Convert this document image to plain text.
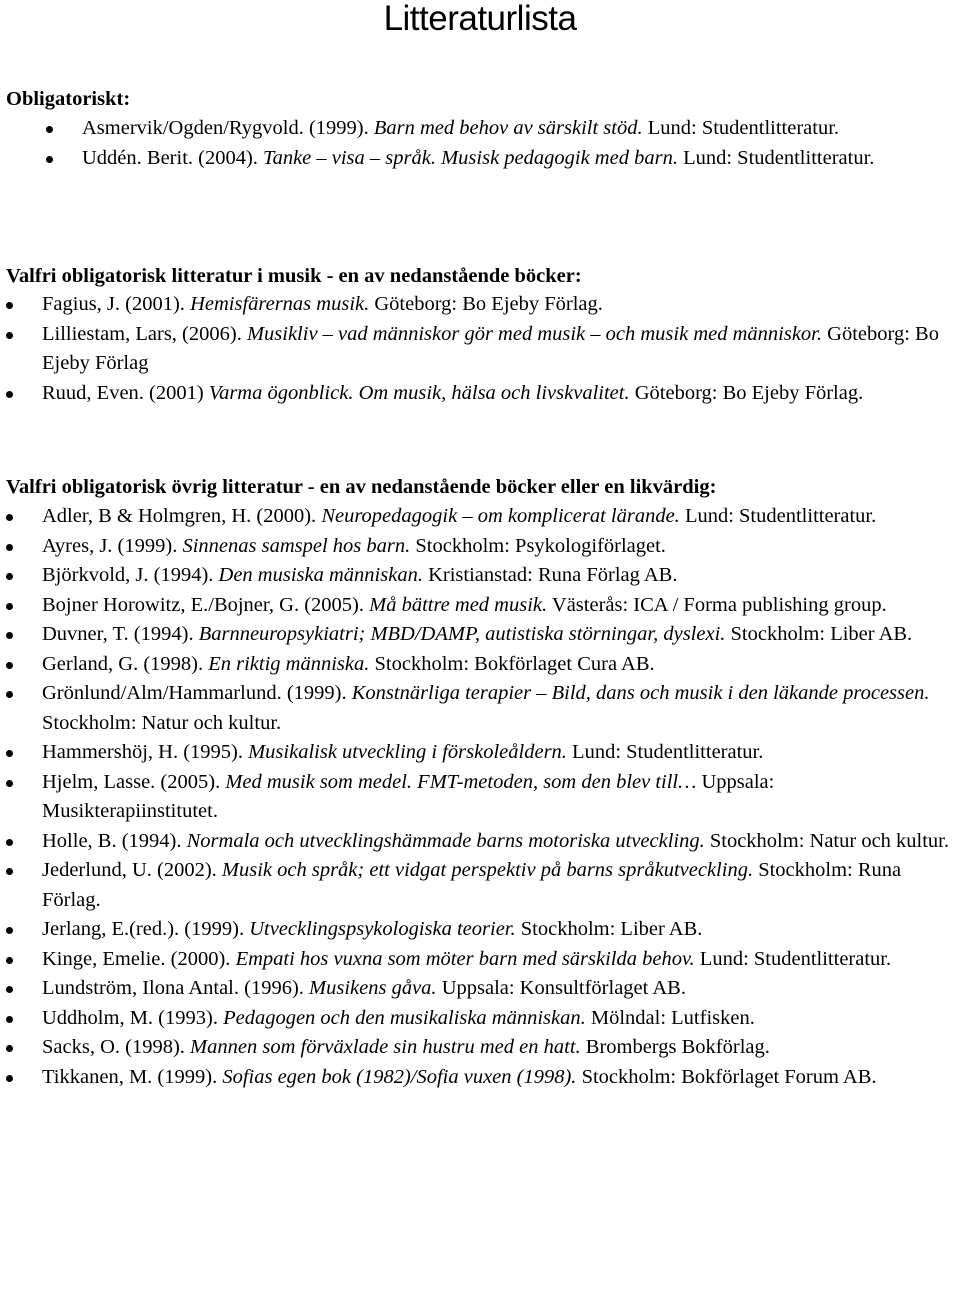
Litteraturlista
Obligatoriskt:
Asmervik/Ogden/Rygvold. (1999). Barn med behov av särskilt stöd. Lund: Studentlitteratur.
Uddén. Berit. (2004). Tanke – visa – språk. Musisk pedagogik med barn. Lund: Studentlitteratur.
Valfri obligatorisk litteratur i musik - en av nedanstående böcker:
Fagius, J. (2001). Hemisfärernas musik. Göteborg: Bo Ejeby Förlag.
Lilliestam, Lars, (2006). Musikliv – vad människor gör med musik – och musik med människor. Göteborg: Bo Ejeby Förlag
Ruud, Even. (2001) Varma ögonblick. Om musik, hälsa och livskvalitet. Göteborg: Bo Ejeby Förlag.
Valfri obligatorisk övrig litteratur - en av nedanstående böcker eller en likvärdig:
Adler, B & Holmgren, H. (2000). Neuropedagogik – om komplicerat lärande. Lund: Studentlitteratur.
Ayres, J. (1999). Sinnenas samspel hos barn. Stockholm: Psykologiförlaget.
Björkvold, J. (1994). Den musiska människan. Kristianstad: Runa Förlag AB.
Bojner Horowitz, E./Bojner, G. (2005). Må bättre med musik. Västerås: ICA / Forma publishing group.
Duvner, T. (1994). Barnneuropsykiatri; MBD/DAMP, autistiska störningar, dyslexi. Stockholm: Liber AB.
Gerland, G. (1998). En riktig människa. Stockholm: Bokförlaget Cura AB.
Grönlund/Alm/Hammarlund. (1999). Konstnärliga terapier – Bild, dans och musik i den läkande processen. Stockholm: Natur och kultur.
Hammershöj, H. (1995). Musikalisk utveckling i förskoleåldern. Lund: Studentlitteratur.
Hjelm, Lasse. (2005). Med musik som medel. FMT-metoden, som den blev till… Uppsala: Musikterapiinstitutet.
Holle, B. (1994). Normala och utvecklingshämmade barns motoriska utveckling. Stockholm: Natur och kultur.
Jederlund, U. (2002). Musik och språk; ett vidgat perspektiv på barns språkutveckling. Stockholm: Runa Förlag.
Jerlang, E.(red.). (1999). Utvecklingspsykologiska teorier. Stockholm: Liber AB.
Kinge, Emelie. (2000). Empati hos vuxna som möter barn med särskilda behov. Lund: Studentlitteratur.
Lundström, Ilona Antal. (1996). Musikens gåva. Uppsala: Konsultförlaget AB.
Uddholm, M. (1993). Pedagogen och den musikaliska människan. Mölndal: Lutfisken.
Sacks, O. (1998). Mannen som förväxlade sin hustru med en hatt. Brombergs Bokförlag.
Tikkanen, M. (1999). Sofias egen bok (1982)/Sofia vuxen (1998). Stockholm: Bokförlaget Forum AB.
